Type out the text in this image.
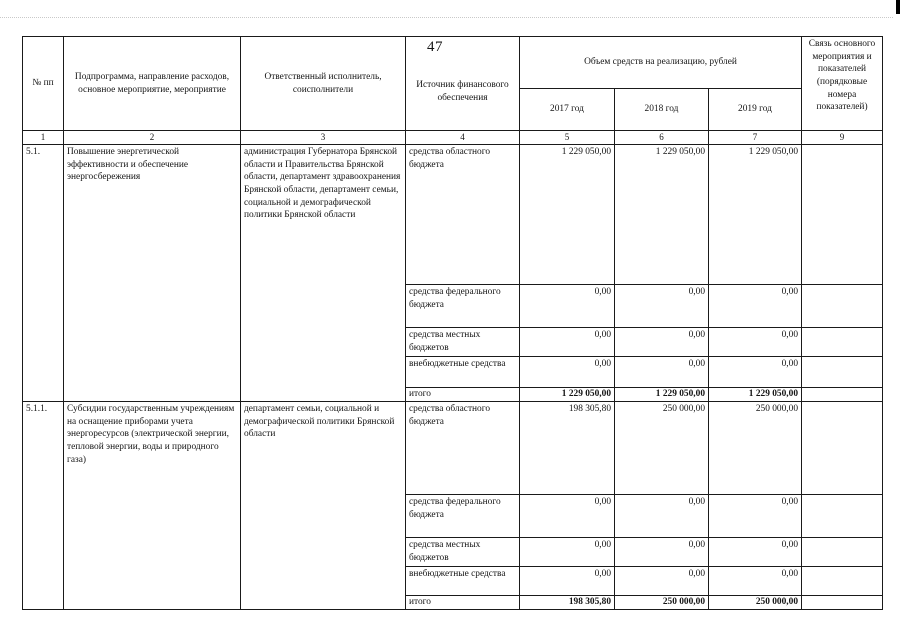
47
№ пп	Подпрограмма, направление расходов, основное мероприятие, мероприятие	Ответственный исполнитель, соисполнители	Источник финансового обеспечения	Объем средств на реализацию, рублей			Связь основного мероприятия и показателей (порядковые номера показателей)
				2017 год	2018 год	2019 год	
1	2	3	4	5	6	7	9
5.1.	Повышение энергетической эффективности и обеспечение энергосбережения	администрация Губернатора Брянской области и Правительства Брянской области, департамент здравоохранения Брянской области, департамент семьи, социальной и демографической политики Брянской области	средства областного бюджета	1 229 050,00	1 229 050,00	1 229 050,00	
			средства федерального бюджета	0,00	0,00	0,00	
			средства местных бюджетов	0,00	0,00	0,00	
			внебюджетные средства	0,00	0,00	0,00	
			итого	1 229 050,00	1 229 050,00	1 229 050,00	
5.1.1.	Субсидии государственным учреждениям на оснащение приборами учета энергоресурсов (электрической энергии, тепловой энергии, воды и природного газа)	департамент семьи, социальной и демографической политики Брянской области	средства областного бюджета	198 305,80	250 000,00	250 000,00	
			средства федерального бюджета	0,00	0,00	0,00	
			средства местных бюджетов	0,00	0,00	0,00	
			внебюджетные средства	0,00	0,00	0,00	
			итого	198 305,80	250 000,00	250 000,00	
